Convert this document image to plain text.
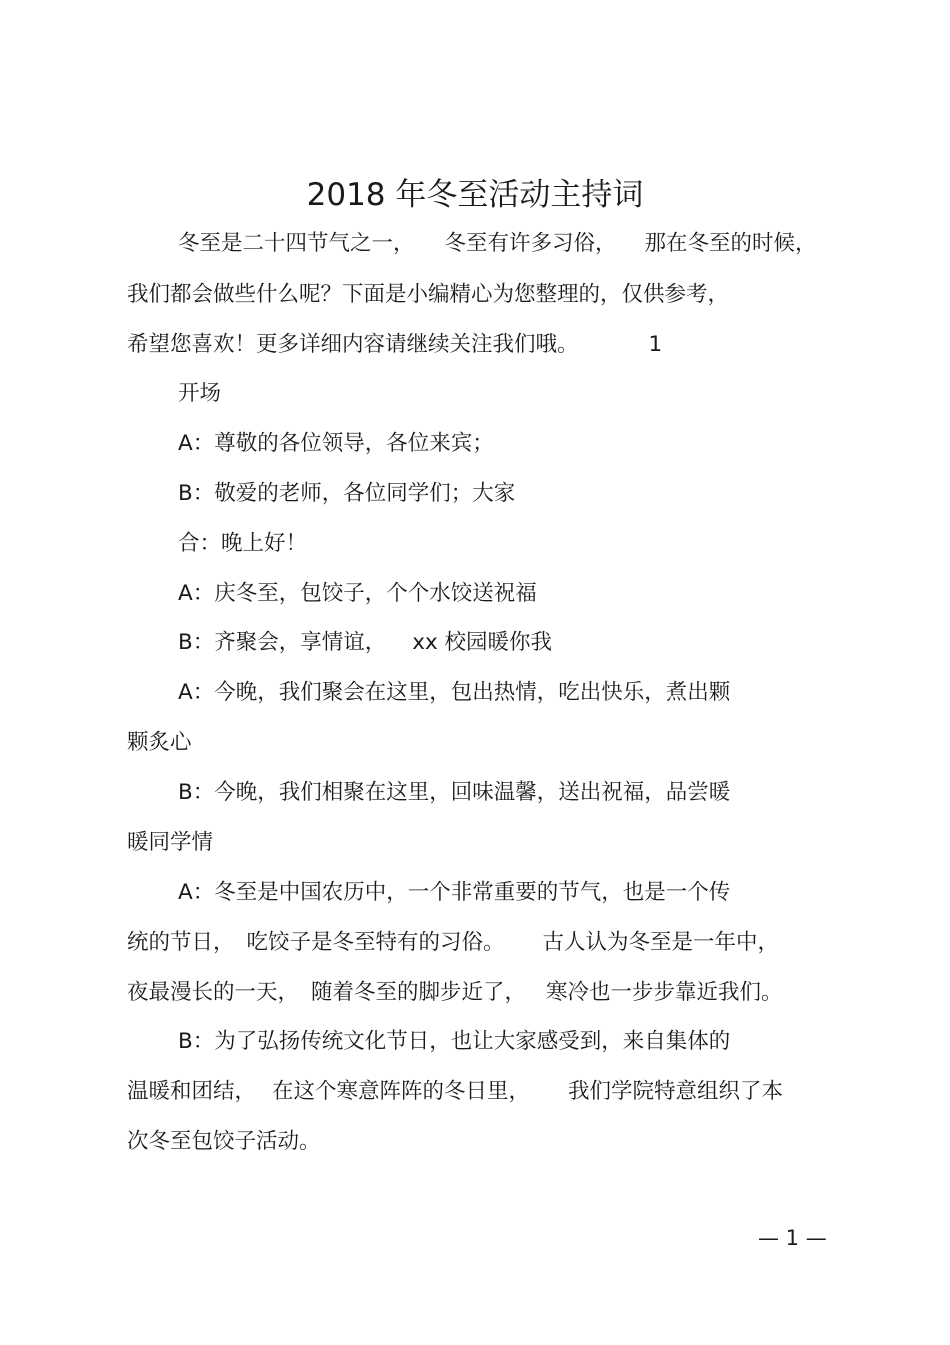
2018 年冬至活动主持词
冬至是二十四节气之一， 冬至有许多习俗， 那在冬至的时候，
我们都会做些什么呢？下面是小编精心为您整理的，仅供参考，
希望您喜欢！更多详细内容请继续关注我们哦。	1
开场
A：尊敬的各位领导，各位来宾；
B：敬爱的老师，各位同学们；大家
合：晚上好！
A：庆冬至，包饺子，个个水饺送祝福
B：齐聚会，享情谊， xx 校园暖你我
A：今晚，我们聚会在这里，包出热情，吃出快乐，煮出颗
颗炙心
B：今晚，我们相聚在这里，回味温馨，送出祝福，品尝暖
暖同学情
A：冬至是中国农历中，一个非常重要的节气，也是一个传
统的节日， 吃饺子是冬至特有的习俗。 古人认为冬至是一年中，
夜最漫长的一天， 随着冬至的脚步近了， 寒冷也一步步靠近我们。
B：为了弘扬传统文化节日，也让大家感受到，来自集体的
温暖和团结， 在这个寒意阵阵的冬日里， 我们学院特意组织了本
次冬至包饺子活动。
— 1 —
